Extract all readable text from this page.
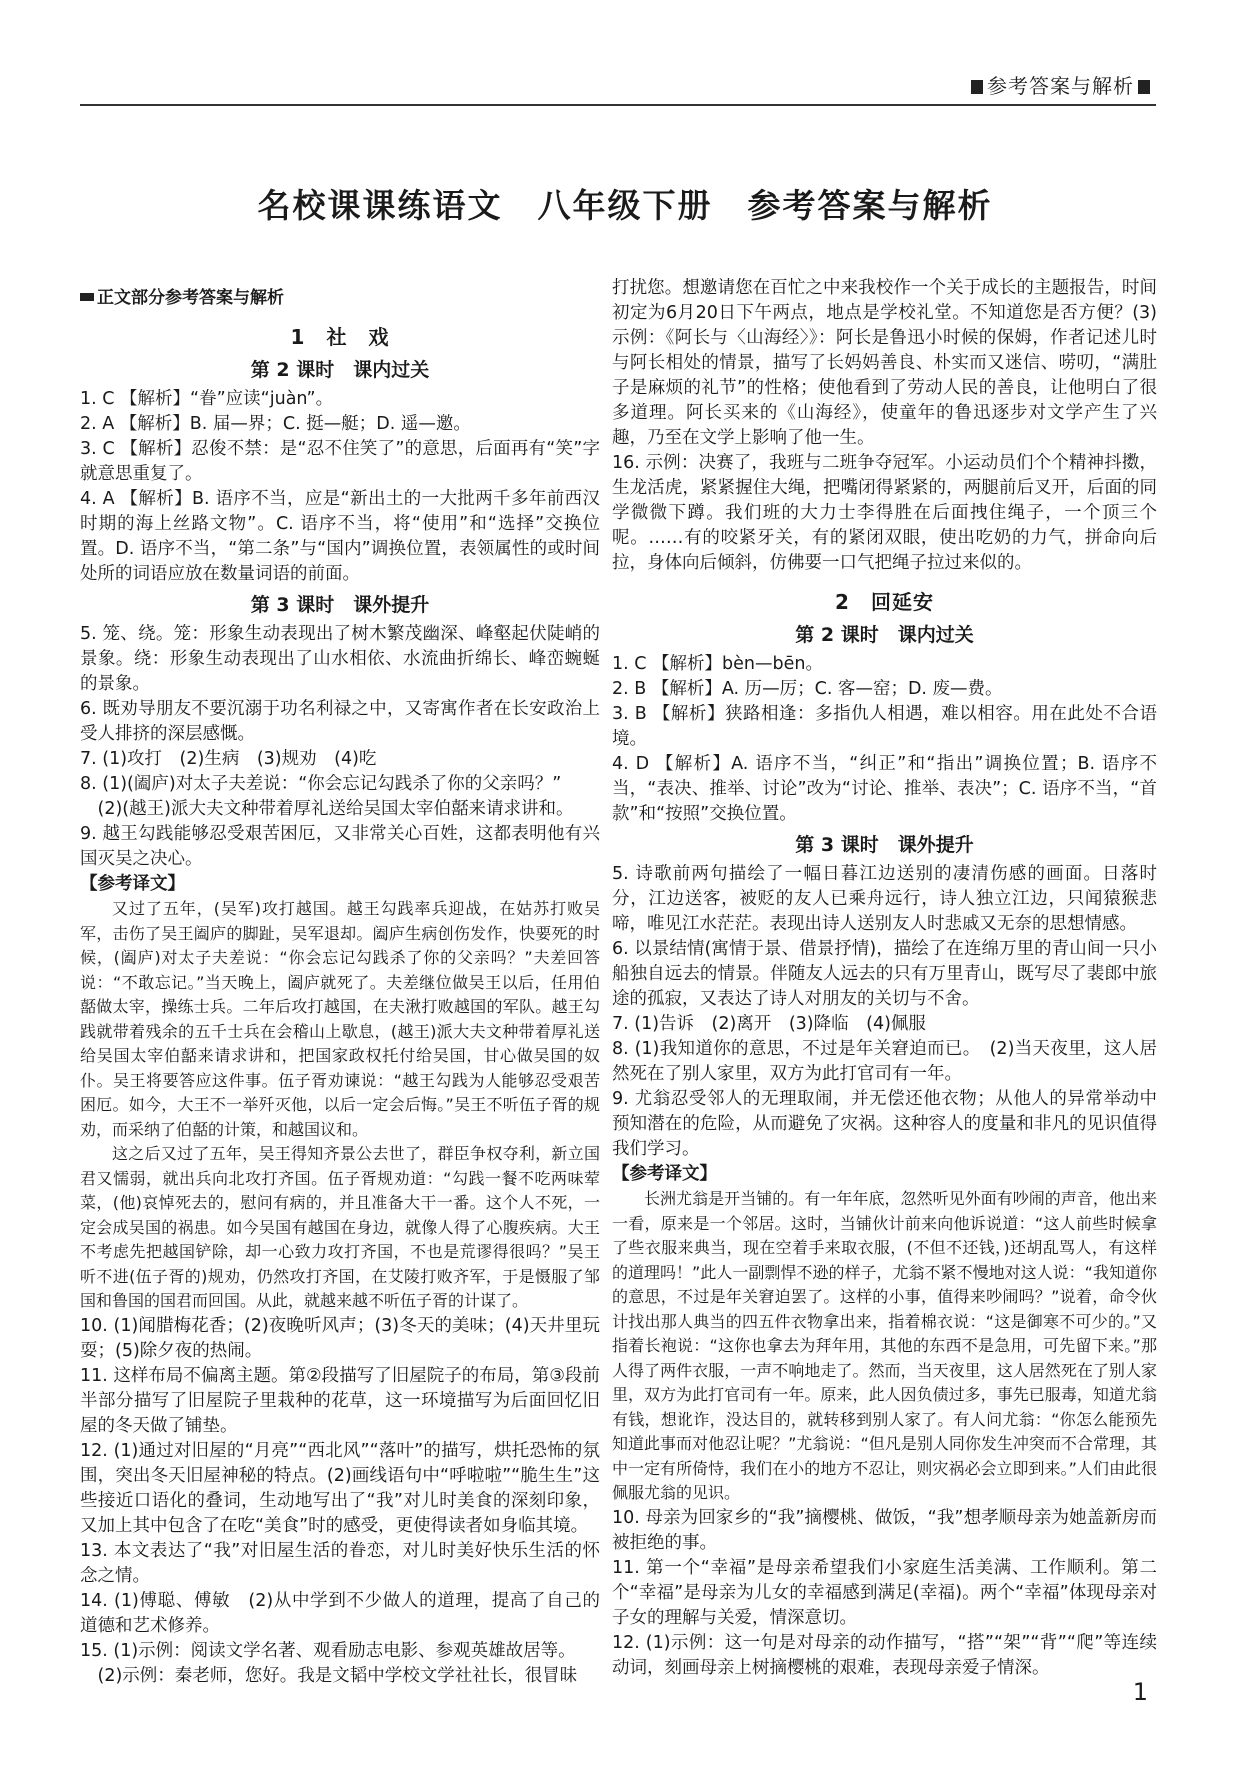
参考答案与解析
名校课课练语文　八年级下册　参考答案与解析
正文部分参考答案与解析
1　社　戏
第 2 课时　课内过关

1. C 【解析】“眷”应读“juàn”。

2. A 【解析】B. 届—界；C. 挺—艇；D. 遥—邀。

3. C 【解析】忍俊不禁：是“忍不住笑了”的意思，后面再有“笑”字就意思重复了。

4. A 【解析】B. 语序不当，应是“新出土的一大批两千多年前西汉时期的海上丝路文物”。C. 语序不当，将“使用”和“选择”交换位置。D. 语序不当，“第二条”与“国内”调换位置，表领属性的或时间处所的词语应放在数量词语的前面。

第 3 课时　课外提升

5. 笼、绕。笼：形象生动表现出了树木繁茂幽深、峰壑起伏陡峭的景象。绕：形象生动表现出了山水相依、水流曲折绵长、峰峦蜿蜒的景象。

6. 既劝导朋友不要沉溺于功名利禄之中，又寄寓作者在长安政治上受人排挤的深层感慨。

7. (1)攻打　(2)生病　(3)规劝　(4)吃

8. (1)(阖庐)对太子夫差说：“你会忘记勾践杀了你的父亲吗？”

(2)(越王)派大夫文种带着厚礼送给吴国太宰伯嚭来请求讲和。

9. 越王勾践能够忍受艰苦困厄，又非常关心百姓，这都表明他有兴国灭吴之决心。

【参考译文】

又过了五年，(吴军)攻打越国。越王勾践率兵迎战，在姑苏打败吴军，击伤了吴王阖庐的脚趾，吴军退却。阖庐生病创伤发作，快要死的时候，(阖庐)对太子夫差说：“你会忘记勾践杀了你的父亲吗？”夫差回答说：“不敢忘记。”当天晚上，阖庐就死了。夫差继位做吴王以后，任用伯嚭做太宰，操练士兵。二年后攻打越国，在夫湫打败越国的军队。越王勾践就带着残余的五千士兵在会稽山上歇息，(越王)派大夫文种带着厚礼送给吴国太宰伯嚭来请求讲和，把国家政权托付给吴国，甘心做吴国的奴仆。吴王将要答应这件事。伍子胥劝谏说：“越王勾践为人能够忍受艰苦困厄。如今，大王不一举歼灭他，以后一定会后悔。”吴王不听伍子胥的规劝，而采纳了伯嚭的计策，和越国议和。

这之后又过了五年，吴王得知齐景公去世了，群臣争权夺利，新立国君又懦弱，就出兵向北攻打齐国。伍子胥规劝道：“勾践一餐不吃两味荤菜，(他)哀悼死去的，慰问有病的，并且准备大干一番。这个人不死，一定会成吴国的祸患。如今吴国有越国在身边，就像人得了心腹疾病。大王不考虑先把越国铲除，却一心致力攻打齐国，不也是荒谬得很吗？”吴王听不进(伍子胥的)规劝，仍然攻打齐国，在艾陵打败齐军，于是慑服了邹国和鲁国的国君而回国。从此，就越来越不听伍子胥的计谋了。

10. (1)闻腊梅花香；(2)夜晚听风声；(3)冬天的美味；(4)天井里玩耍；(5)除夕夜的热闹。

11. 这样布局不偏离主题。第②段描写了旧屋院子的布局，第③段前半部分描写了旧屋院子里栽种的花草，这一环境描写为后面回忆旧屋的冬天做了铺垫。

12. (1)通过对旧屋的“月亮”“西北风”“落叶”的描写，烘托恐怖的氛围，突出冬天旧屋神秘的特点。(2)画线语句中“呼啦啦”“脆生生”这些接近口语化的叠词，生动地写出了“我”对儿时美食的深刻印象，又加上其中包含了在吃“美食”时的感受，更使得读者如身临其境。

13. 本文表达了“我”对旧屋生活的眷恋，对儿时美好快乐生活的怀念之情。

14. (1)傅聪、傅敏　(2)从中学到不少做人的道理，提高了自己的道德和艺术修养。

15. (1)示例：阅读文学名著、观看励志电影、参观英雄故居等。

(2)示例：秦老师，您好。我是文韬中学校文学社社长，很冒昧

打扰您。想邀请您在百忙之中来我校作一个关于成长的主题报告，时间初定为6月20日下午两点，地点是学校礼堂。不知道您是否方便？(3)示例：《阿长与〈山海经〉》：阿长是鲁迅小时候的保姆，作者记述儿时与阿长相处的情景，描写了长妈妈善良、朴实而又迷信、唠叨，“满肚子是麻烦的礼节”的性格；使他看到了劳动人民的善良，让他明白了很多道理。阿长买来的《山海经》，使童年的鲁迅逐步对文学产生了兴趣，乃至在文学上影响了他一生。

16. 示例：决赛了，我班与二班争夺冠军。小运动员们个个精神抖擞，生龙活虎，紧紧握住大绳，把嘴闭得紧紧的，两腿前后叉开，后面的同学微微下蹲。我们班的大力士李得胜在后面拽住绳子，一个顶三个呢。……有的咬紧牙关，有的紧闭双眼，使出吃奶的力气，拼命向后拉，身体向后倾斜，仿佛要一口气把绳子拉过来似的。

2　回延安
第 2 课时　课内过关

1. C 【解析】bèn—bēn。

2. B 【解析】A. 历—厉；C. 客—窑；D. 废—费。

3. B 【解析】狭路相逢：多指仇人相遇，难以相容。用在此处不合语境。

4. D 【解析】A. 语序不当，“纠正”和“指出”调换位置；B. 语序不当，“表决、推举、讨论”改为“讨论、推举、表决”；C. 语序不当，“首款”和“按照”交换位置。

第 3 课时　课外提升

5. 诗歌前两句描绘了一幅日暮江边送别的凄清伤感的画面。日落时分，江边送客，被贬的友人已乘舟远行，诗人独立江边，只闻猿猴悲啼，唯见江水茫茫。表现出诗人送别友人时悲戚又无奈的思想情感。

6. 以景结情(寓情于景、借景抒情)，描绘了在连绵万里的青山间一只小船独自远去的情景。伴随友人远去的只有万里青山，既写尽了裴郎中旅途的孤寂，又表达了诗人对朋友的关切与不舍。

7. (1)告诉　(2)离开　(3)降临　(4)佩服

8. (1)我知道你的意思，不过是年关窘迫而已。　(2)当天夜里，这人居然死在了别人家里，双方为此打官司有一年。

9. 尤翁忍受邻人的无理取闹，并无偿还他衣物；从他人的异常举动中预知潜在的危险，从而避免了灾祸。这种容人的度量和非凡的见识值得我们学习。

【参考译文】

长洲尤翁是开当铺的。有一年年底，忽然听见外面有吵闹的声音，他出来一看，原来是一个邻居。这时，当铺伙计前来向他诉说道：“这人前些时候拿了些衣服来典当，现在空着手来取衣服，(不但不还钱，)还胡乱骂人，有这样的道理吗！”此人一副剽悍不逊的样子，尤翁不紧不慢地对这人说：“我知道你的意思，不过是年关窘迫罢了。这样的小事，值得来吵闹吗？”说着，命令伙计找出那人典当的四五件衣物拿出来，指着棉衣说：“这是御寒不可少的。”又指着长袍说：“这你也拿去为拜年用，其他的东西不是急用，可先留下来。”那人得了两件衣服，一声不响地走了。然而，当天夜里，这人居然死在了别人家里，双方为此打官司有一年。原来，此人因负债过多，事先已服毒，知道尤翁有钱，想讹诈，没达目的，就转移到别人家了。有人问尤翁：“你怎么能预先知道此事而对他忍让呢？”尤翁说：“但凡是别人同你发生冲突而不合常理，其中一定有所倚恃，我们在小的地方不忍让，则灾祸必会立即到来。”人们由此很佩服尤翁的见识。

10. 母亲为回家乡的“我”摘樱桃、做饭，“我”想孝顺母亲为她盖新房而被拒绝的事。

11. 第一个“幸福”是母亲希望我们小家庭生活美满、工作顺利。第二个“幸福”是母亲为儿女的幸福感到满足(幸福)。两个“幸福”体现母亲对子女的理解与关爱，情深意切。

12. (1)示例：这一句是对母亲的动作描写，“搭”“架”“背”“爬”等连续动词，刻画母亲上树摘樱桃的艰难，表现母亲爱子情深。

1
